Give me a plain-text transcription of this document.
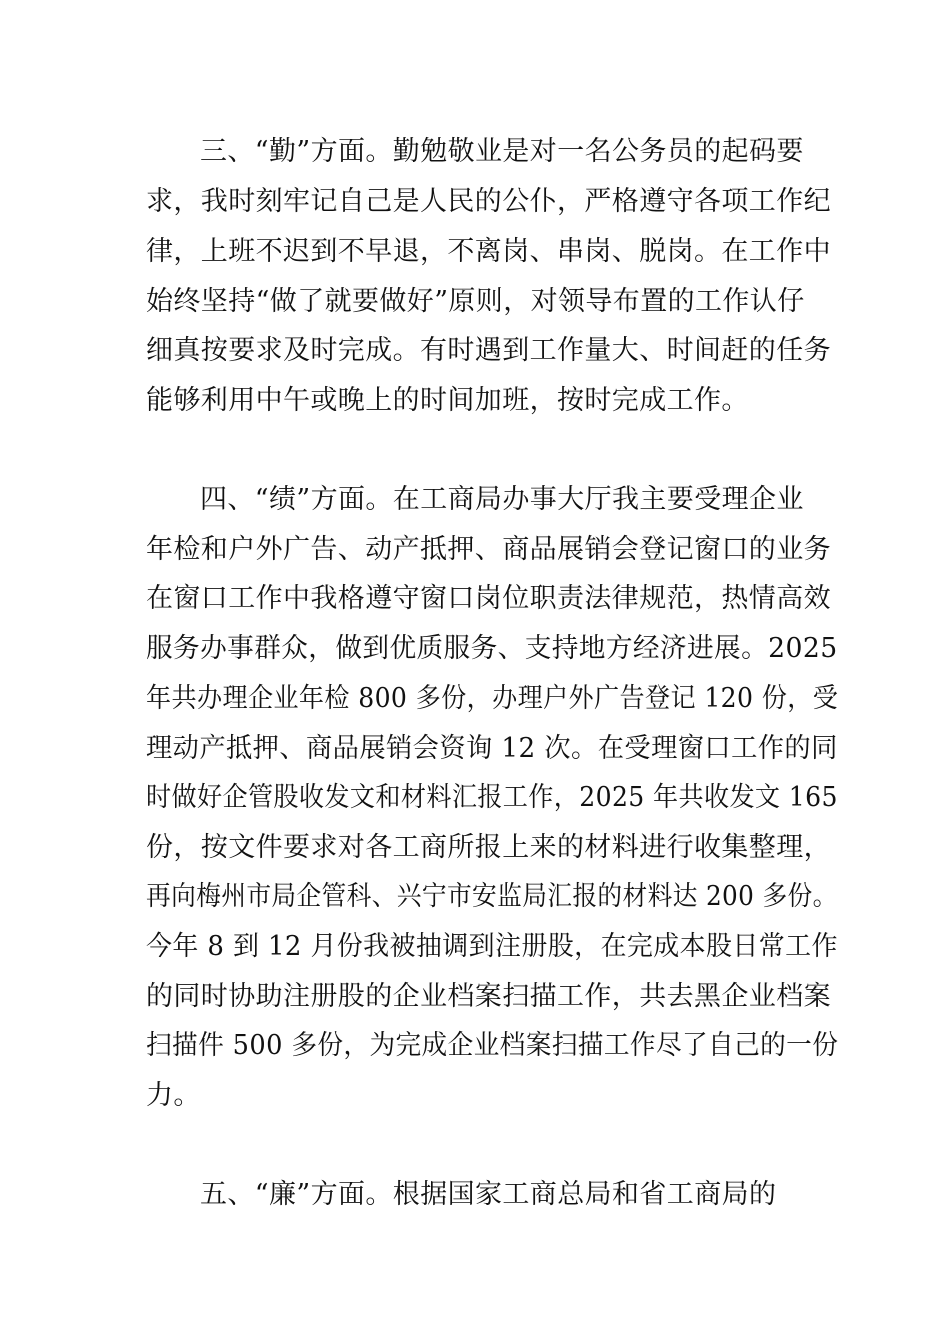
三、“勤”方面。勤勉敬业是对一名公务员的起码要
求，我时刻牢记自己是人民的公仆，严格遵守各项工作纪
律，上班不迟到不早退，不离岗、串岗、脱岗。在工作中
始终坚持“做了就要做好”原则，对领导布置的工作认仔
细真按要求及时完成。有时遇到工作量大、时间赶的任务
能够利用中午或晚上的时间加班，按时完成工作。
四、“绩”方面。在工商局办事大厅我主要受理企业
年检和户外广告、动产抵押、商品展销会登记窗口的业务
在窗口工作中我格遵守窗口岗位职责法律规范，热情高效
服务办事群众，做到优质服务、支持地方经济进展。2025
年共办理企业年检 800 多份，办理户外广告登记 120 份，受
理动产抵押、商品展销会资询 12 次。在受理窗口工作的同
时做好企管股收发文和材料汇报工作，2025 年共收发文 165
份，按文件要求对各工商所报上来的材料进行收集整理，
再向梅州市局企管科、兴宁市安监局汇报的材料达 200 多份。
今年 8 到 12 月份我被抽调到注册股，在完成本股日常工作
的同时协助注册股的企业档案扫描工作，共去黑企业档案
扫描件 500 多份，为完成企业档案扫描工作尽了自己的一份
力。
五、“廉”方面。根据国家工商总局和省工商局的
